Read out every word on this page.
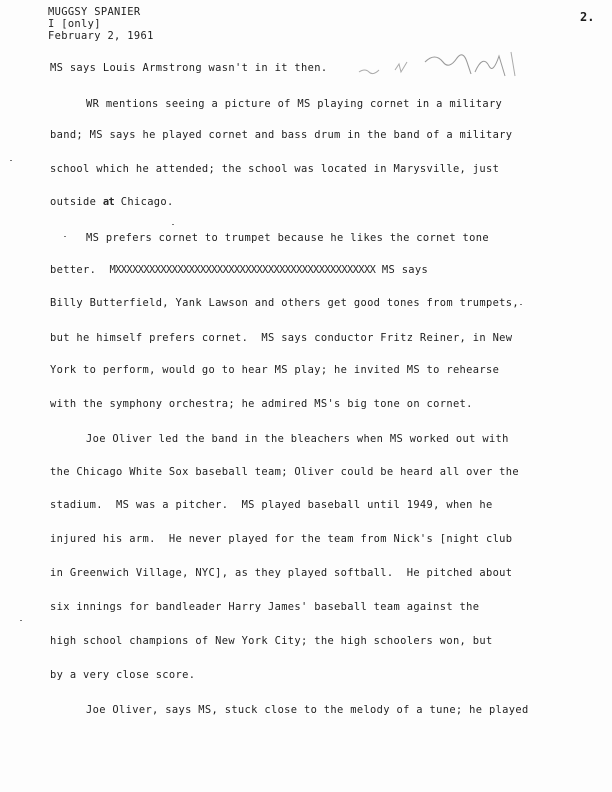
MUGGSY SPANIER
I [only]
February 2, 1961
2.
MS says Louis Armstrong wasn't in it then.
WR mentions seeing a picture of MS playing cornet in a military
band; MS says he played cornet and bass drum in the band of a military
school which he attended; the school was located in Marysville, just
outside at Chicago.
MS prefers cornet to trumpet because he likes the cornet tone
better.  MXXXXXXXXXXXXXXXXXXXXXXXXXXXXXXXXXXXXXXXXXXXXXX MS says
Billy Butterfield, Yank Lawson and others get good tones from trumpets,
but he himself prefers cornet.  MS says conductor Fritz Reiner, in New
York to perform, would go to hear MS play; he invited MS to rehearse
with the symphony orchestra; he admired MS's big tone on cornet.
Joe Oliver led the band in the bleachers when MS worked out with
the Chicago White Sox baseball team; Oliver could be heard all over the
stadium.  MS was a pitcher.  MS played baseball until 1949, when he
injured his arm.  He never played for the team from Nick's [night club
in Greenwich Village, NYC], as they played softball.  He pitched about
six innings for bandleader Harry James' baseball team against the
high school champions of New York City; the high schoolers won, but
by a very close score.
Joe Oliver, says MS, stuck close to the melody of a tune; he played
